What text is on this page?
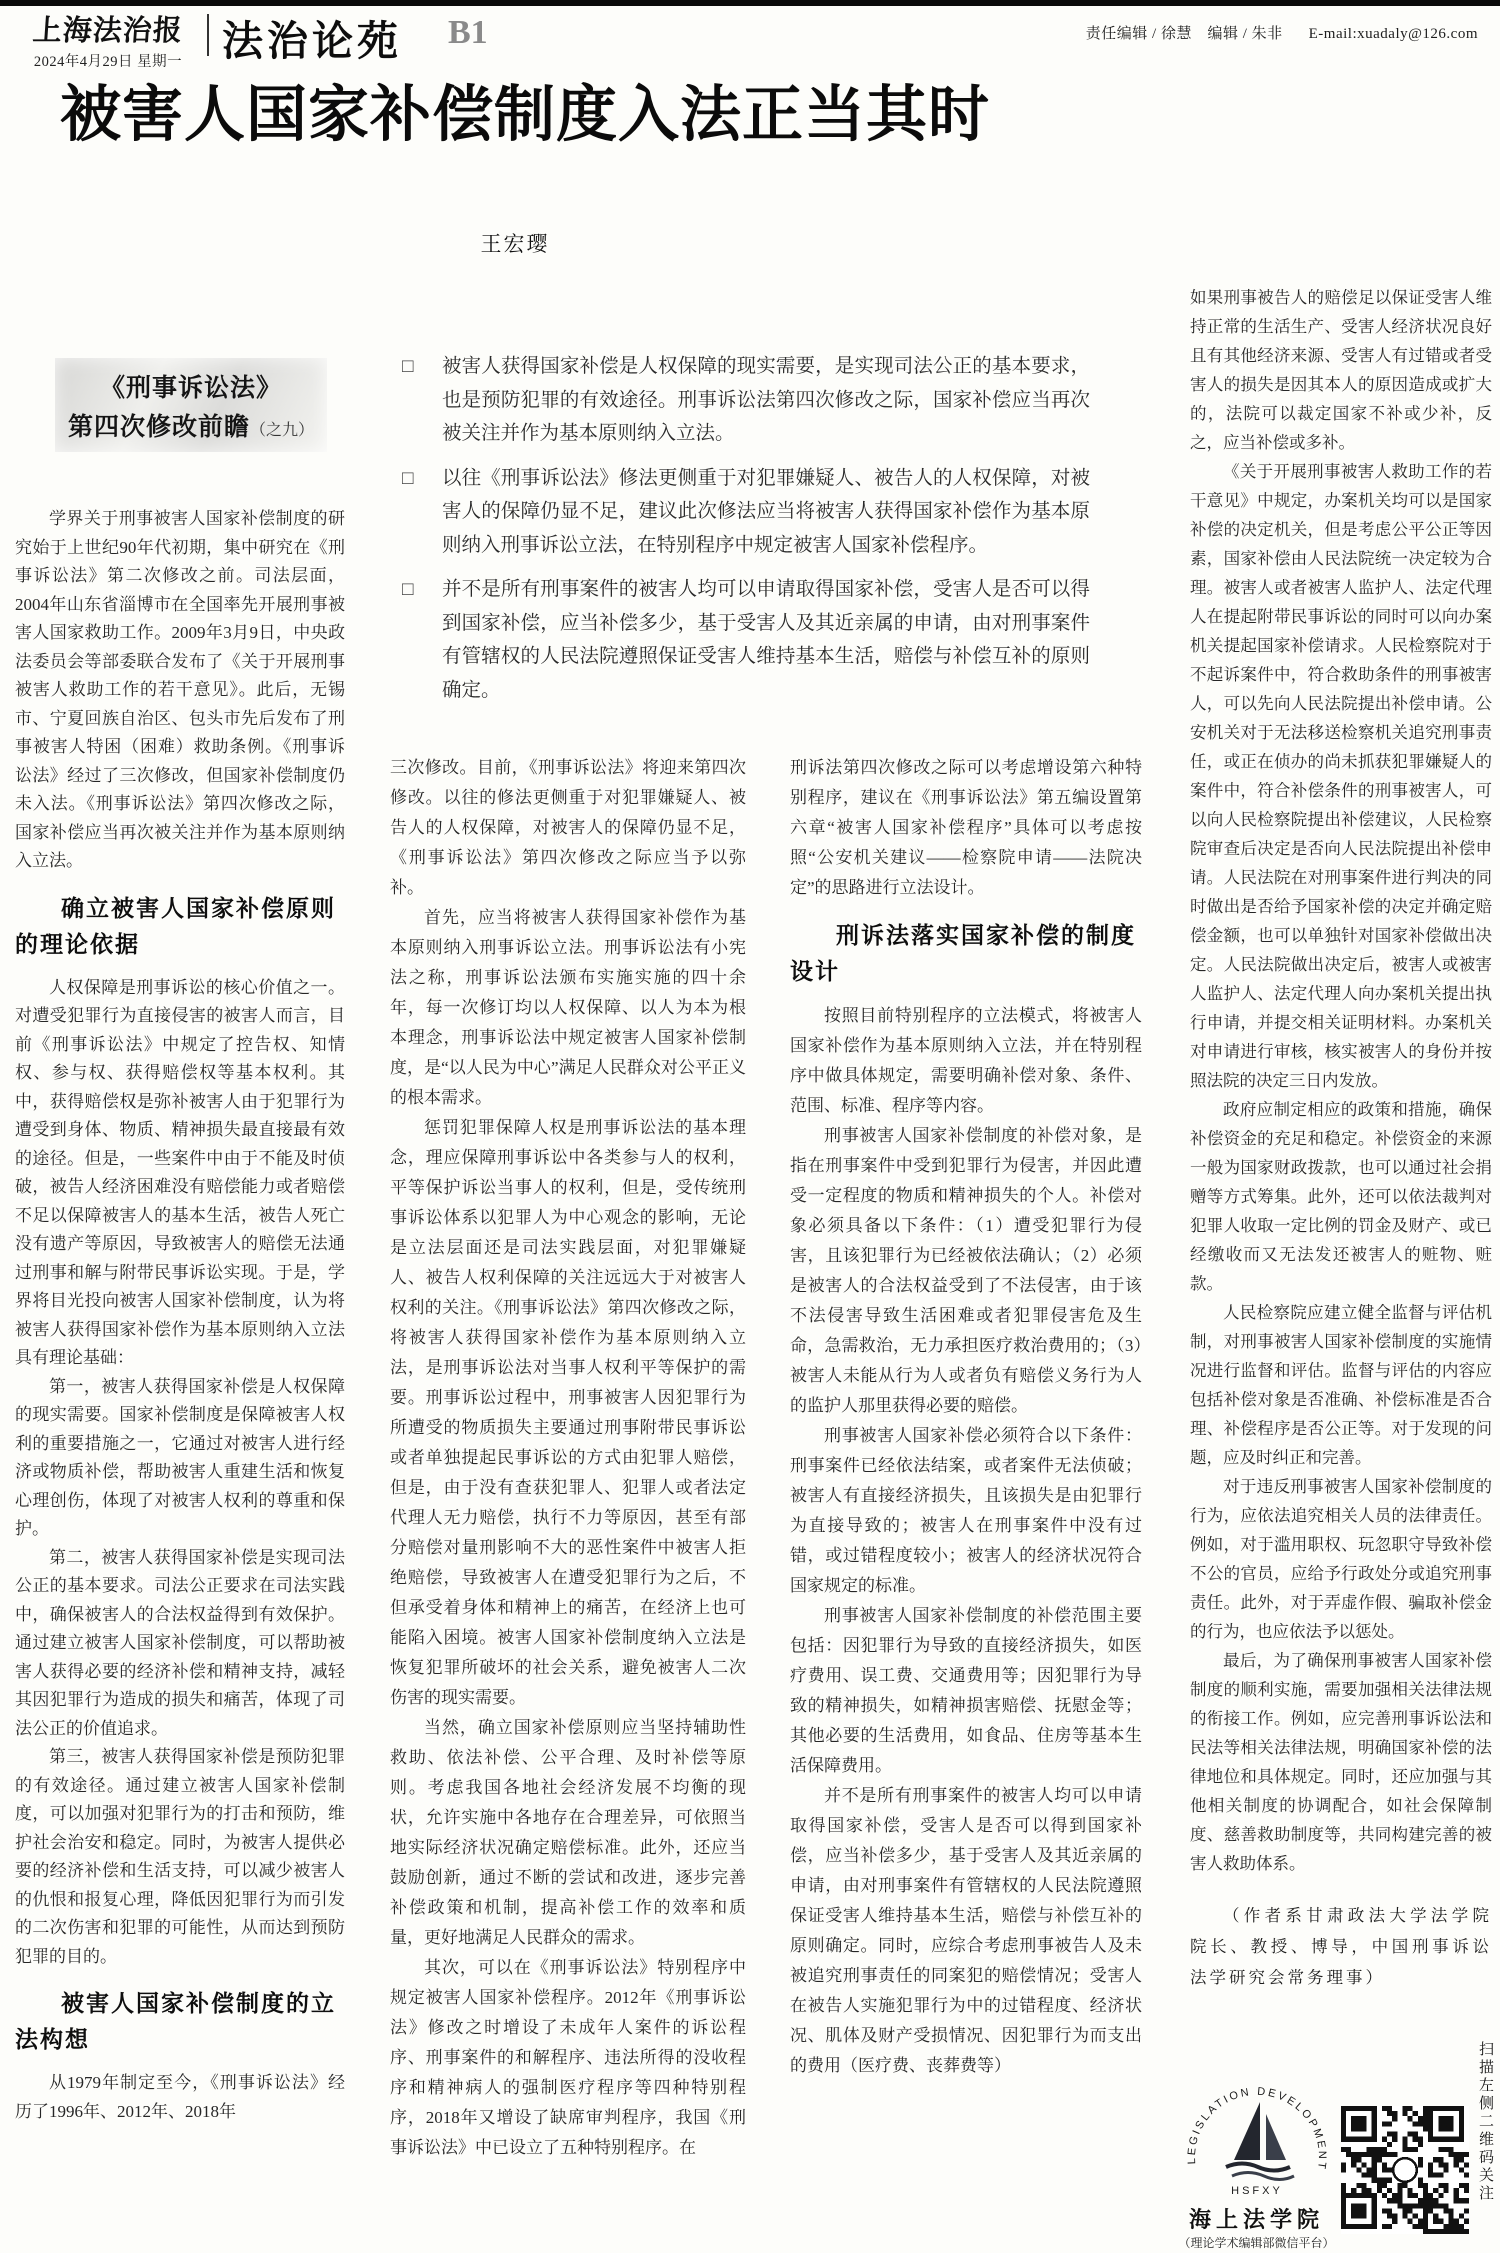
上海法治报
2024年4月29日 星期一 法治论苑 B1	责任编辑 / 徐慧　编辑 / 朱非 E-mail:xuadaly@126.com
被害人国家补偿制度入法正当其时
王宏璎
《刑事诉讼法》
第四次修改前瞻（之九）
□ 被害人获得国家补偿是人权保障的现实需要，是实现司法公正的基本要求，也是预防犯罪的有效途径。刑事诉讼法第四次修改之际，国家补偿应当再次被关注并作为基本原则纳入立法。
□ 以往《刑事诉讼法》修法更侧重于对犯罪嫌疑人、被告人的人权保障，对被害人的保障仍显不足，建议此次修法应当将被害人获得国家补偿作为基本原则纳入刑事诉讼立法，在特别程序中规定被害人国家补偿程序。
□ 并不是所有刑事案件的被害人均可以申请取得国家补偿，受害人是否可以得到国家补偿，应当补偿多少，基于受害人及其近亲属的申请，由对刑事案件有管辖权的人民法院遵照保证受害人维持基本生活，赔偿与补偿互补的原则确定。

学界关于刑事被害人国家补偿制度的研究始于上世纪90年代初期，集中研究在《刑事诉讼法》第二次修改之前。司法层面，2004年山东省淄博市在全国率先开展刑事被害人国家救助工作。2009年3月9日，中央政法委员会等部委联合发布了《关于开展刑事被害人救助工作的若干意见》。此后，无锡市、宁夏回族自治区、包头市先后发布了刑事被害人特困（困难）救助条例。《刑事诉讼法》经过了三次修改，但国家补偿制度仍未入法。《刑事诉讼法》第四次修改之际，国家补偿应当再次被关注并作为基本原则纳入立法。

确立被害人国家补偿原则的理论依据

人权保障是刑事诉讼的核心价值之一。对遭受犯罪行为直接侵害的被害人而言，目前《刑事诉讼法》中规定了控告权、知情权、参与权、获得赔偿权等基本权利。其中，获得赔偿权是弥补被害人由于犯罪行为遭受到身体、物质、精神损失最直接最有效的途径。但是，一些案件中由于不能及时侦破，被告人经济困难没有赔偿能力或者赔偿不足以保障被害人的基本生活，被告人死亡没有遗产等原因，导致被害人的赔偿无法通过刑事和解与附带民事诉讼实现。于是，学界将目光投向被害人国家补偿制度，认为将被害人获得国家补偿作为基本原则纳入立法具有理论基础：

第一，被害人获得国家补偿是人权保障的现实需要。国家补偿制度是保障被害人权利的重要措施之一，它通过对被害人进行经济或物质补偿，帮助被害人重建生活和恢复心理创伤，体现了对被害人权利的尊重和保护。

第二，被害人获得国家补偿是实现司法公正的基本要求。司法公正要求在司法实践中，确保被害人的合法权益得到有效保护。通过建立被害人国家补偿制度，可以帮助被害人获得必要的经济补偿和精神支持，减轻其因犯罪行为造成的损失和痛苦，体现了司法公正的价值追求。

第三，被害人获得国家补偿是预防犯罪的有效途径。通过建立被害人国家补偿制度，可以加强对犯罪行为的打击和预防，维护社会治安和稳定。同时，为被害人提供必要的经济补偿和生活支持，可以减少被害人的仇恨和报复心理，降低因犯罪行为而引发的二次伤害和犯罪的可能性，从而达到预防犯罪的目的。

被害人国家补偿制度的立法构想

从1979年制定至今，《刑事诉讼法》经历了1996年、2012年、2018年

三次修改。目前，《刑事诉讼法》将迎来第四次修改。以往的修法更侧重于对犯罪嫌疑人、被告人的人权保障，对被害人的保障仍显不足，《刑事诉讼法》第四次修改之际应当予以弥补。

首先，应当将被害人获得国家补偿作为基本原则纳入刑事诉讼立法。刑事诉讼法有小宪法之称，刑事诉讼法颁布实施实施的四十余年，每一次修订均以人权保障、以人为本为根本理念，刑事诉讼法中规定被害人国家补偿制度，是“以人民为中心”满足人民群众对公平正义的根本需求。

惩罚犯罪保障人权是刑事诉讼法的基本理念，理应保障刑事诉讼中各类参与人的权利，平等保护诉讼当事人的权利，但是，受传统刑事诉讼体系以犯罪人为中心观念的影响，无论是立法层面还是司法实践层面，对犯罪嫌疑人、被告人权利保障的关注远远大于对被害人权利的关注。《刑事诉讼法》第四次修改之际，将被害人获得国家补偿作为基本原则纳入立法，是刑事诉讼法对当事人权利平等保护的需要。刑事诉讼过程中，刑事被害人因犯罪行为所遭受的物质损失主要通过刑事附带民事诉讼或者单独提起民事诉讼的方式由犯罪人赔偿，但是，由于没有查获犯罪人、犯罪人或者法定代理人无力赔偿，执行不力等原因，甚至有部分赔偿对量刑影响不大的恶性案件中被害人拒绝赔偿，导致被害人在遭受犯罪行为之后，不但承受着身体和精神上的痛苦，在经济上也可能陷入困境。被害人国家补偿制度纳入立法是恢复犯罪所破坏的社会关系，避免被害人二次伤害的现实需要。

当然，确立国家补偿原则应当坚持辅助性救助、依法补偿、公平合理、及时补偿等原则。考虑我国各地社会经济发展不均衡的现状，允许实施中各地存在合理差异，可依照当地实际经济状况确定赔偿标准。此外，还应当鼓励创新，通过不断的尝试和改进，逐步完善补偿政策和机制，提高补偿工作的效率和质量，更好地满足人民群众的需求。

其次，可以在《刑事诉讼法》特别程序中规定被害人国家补偿程序。2012年《刑事诉讼法》修改之时增设了未成年人案件的诉讼程序、刑事案件的和解程序、违法所得的没收程序和精神病人的强制医疗程序等四种特别程序，2018年又增设了缺席审判程序，我国《刑事诉讼法》中已设立了五种特别程序。在

刑诉法第四次修改之际可以考虑增设第六种特别程序，建议在《刑事诉讼法》第五编设置第六章“被害人国家补偿程序”具体可以考虑按照“公安机关建议——检察院申请——法院决定”的思路进行立法设计。

刑诉法落实国家补偿的制度设计

按照目前特别程序的立法模式，将被害人国家补偿作为基本原则纳入立法，并在特别程序中做具体规定，需要明确补偿对象、条件、范围、标准、程序等内容。

刑事被害人国家补偿制度的补偿对象，是指在刑事案件中受到犯罪行为侵害，并因此遭受一定程度的物质和精神损失的个人。补偿对象必须具备以下条件：（1）遭受犯罪行为侵害，且该犯罪行为已经被依法确认；（2）必须是被害人的合法权益受到了不法侵害，由于该不法侵害导致生活困难或者犯罪侵害危及生命，急需救治，无力承担医疗救治费用的；（3）被害人未能从行为人或者负有赔偿义务行为人的监护人那里获得必要的赔偿。

刑事被害人国家补偿必须符合以下条件：刑事案件已经依法结案，或者案件无法侦破；被害人有直接经济损失，且该损失是由犯罪行为直接导致的；被害人在刑事案件中没有过错，或过错程度较小；被害人的经济状况符合国家规定的标准。

刑事被害人国家补偿制度的补偿范围主要包括：因犯罪行为导致的直接经济损失，如医疗费用、误工费、交通费用等；因犯罪行为导致的精神损失，如精神损害赔偿、抚慰金等；其他必要的生活费用，如食品、住房等基本生活保障费用。

并不是所有刑事案件的被害人均可以申请取得国家补偿，受害人是否可以得到国家补偿，应当补偿多少，基于受害人及其近亲属的申请，由对刑事案件有管辖权的人民法院遵照保证受害人维持基本生活，赔偿与补偿互补的原则确定。同时，应综合考虑刑事被告人及未被追究刑事责任的同案犯的赔偿情况；受害人在被告人实施犯罪行为中的过错程度、经济状况、肌体及财产受损情况、因犯罪行为而支出的费用（医疗费、丧葬费等）

如果刑事被告人的赔偿足以保证受害人维持正常的生活生产、受害人经济状况良好且有其他经济来源、受害人有过错或者受害人的损失是因其本人的原因造成或扩大的，法院可以裁定国家不补或少补，反之，应当补偿或多补。

《关于开展刑事被害人救助工作的若干意见》中规定，办案机关均可以是国家补偿的决定机关，但是考虑公平公正等因素，国家补偿由人民法院统一决定较为合理。被害人或者被害人监护人、法定代理人在提起附带民事诉讼的同时可以向办案机关提起国家补偿请求。人民检察院对于不起诉案件中，符合救助条件的刑事被害人，可以先向人民法院提出补偿申请。公安机关对于无法移送检察机关追究刑事责任，或正在侦办的尚未抓获犯罪嫌疑人的案件中，符合补偿条件的刑事被害人，可以向人民检察院提出补偿建议，人民检察院审查后决定是否向人民法院提出补偿申请。人民法院在对刑事案件进行判决的同时做出是否给予国家补偿的决定并确定赔偿金额，也可以单独针对国家补偿做出决定。人民法院做出决定后，被害人或被害人监护人、法定代理人向办案机关提出执行申请，并提交相关证明材料。办案机关对申请进行审核，核实被害人的身份并按照法院的决定三日内发放。

政府应制定相应的政策和措施，确保补偿资金的充足和稳定。补偿资金的来源一般为国家财政拨款，也可以通过社会捐赠等方式筹集。此外，还可以依法裁判对犯罪人收取一定比例的罚金及财产、或已经缴收而又无法发还被害人的赃物、赃款。

人民检察院应建立健全监督与评估机制，对刑事被害人国家补偿制度的实施情况进行监督和评估。监督与评估的内容应包括补偿对象是否准确、补偿标准是否合理、补偿程序是否公正等。对于发现的问题，应及时纠正和完善。

对于违反刑事被害人国家补偿制度的行为，应依法追究相关人员的法律责任。例如，对于滥用职权、玩忽职守导致补偿不公的官员，应给予行政处分或追究刑事责任。此外，对于弄虚作假、骗取补偿金的行为，也应依法予以惩处。

最后，为了确保刑事被害人国家补偿制度的顺利实施，需要加强相关法律法规的衔接工作。例如，应完善刑事诉讼法和民法等相关法律法规，明确国家补偿的法律地位和具体规定。同时，还应加强与其他相关制度的协调配合，如社会保障制度、慈善救助制度等，共同构建完善的被害人救助体系。

（作者系甘肃政法大学法学院院长、教授、博导，中国刑事诉讼法学研究会常务理事）

LEGISLATION DEVELOPMENT
HSFXY
海上法学院
（理论学术编辑部微信平台）
扫描左侧二维码关注
